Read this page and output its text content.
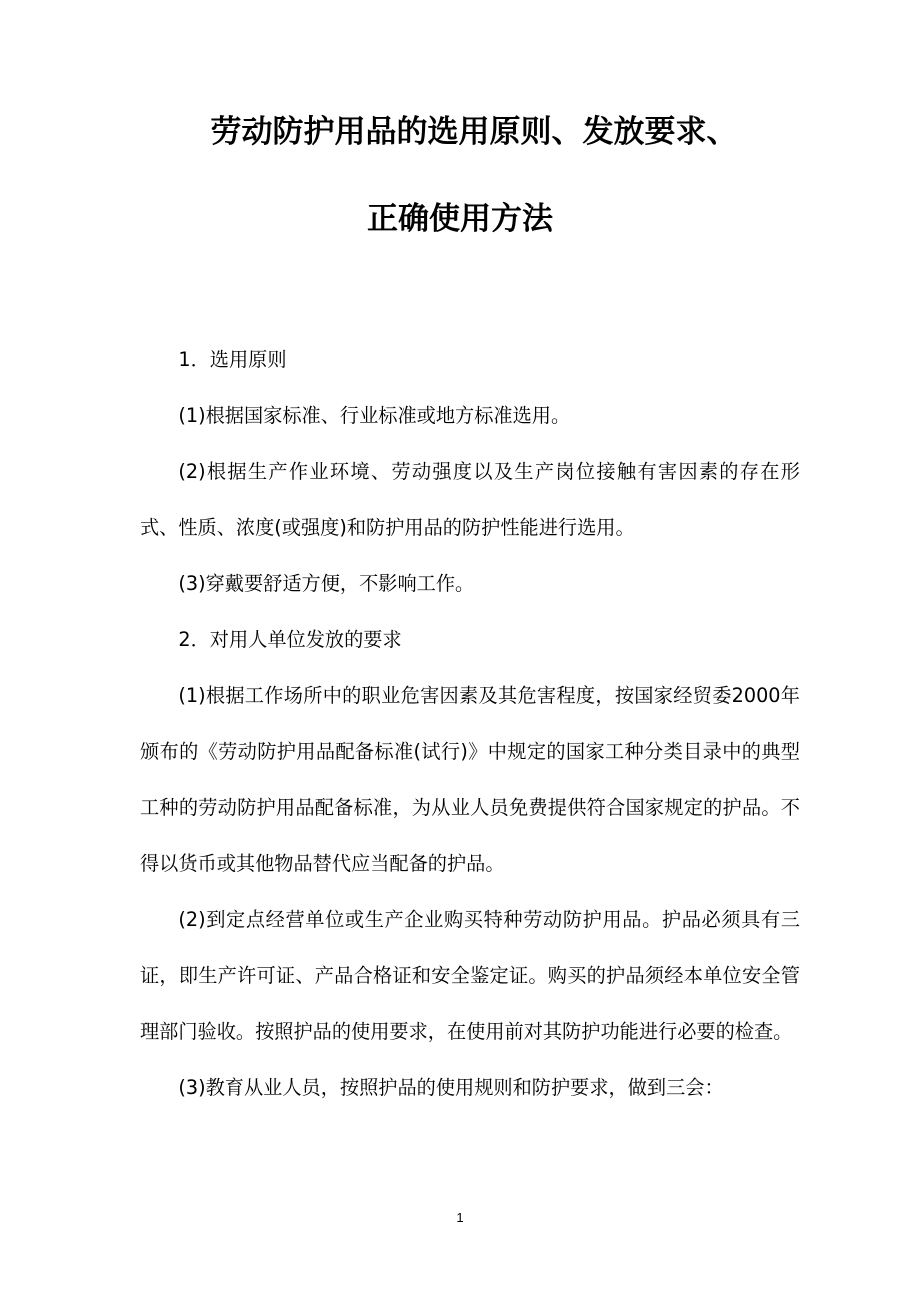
劳动防护用品的选用原则、发放要求、
正确使用方法

1．选用原则

(1)根据国家标准、行业标准或地方标准选用。

(2)根据生产作业环境、劳动强度以及生产岗位接触有害因素的存在形式、性质、浓度(或强度)和防护用品的防护性能进行选用。

(3)穿戴要舒适方便，不影响工作。

2．对用人单位发放的要求

(1)根据工作场所中的职业危害因素及其危害程度，按国家经贸委2000年颁布的《劳动防护用品配备标准(试行)》中规定的国家工种分类目录中的典型工种的劳动防护用品配备标准，为从业人员免费提供符合国家规定的护品。不得以货币或其他物品替代应当配备的护品。

(2)到定点经营单位或生产企业购买特种劳动防护用品。护品必须具有三证，即生产许可证、产品合格证和安全鉴定证。购买的护品须经本单位安全管理部门验收。按照护品的使用要求，在使用前对其防护功能进行必要的检查。

(3)教育从业人员，按照护品的使用规则和防护要求，做到三会：

1
